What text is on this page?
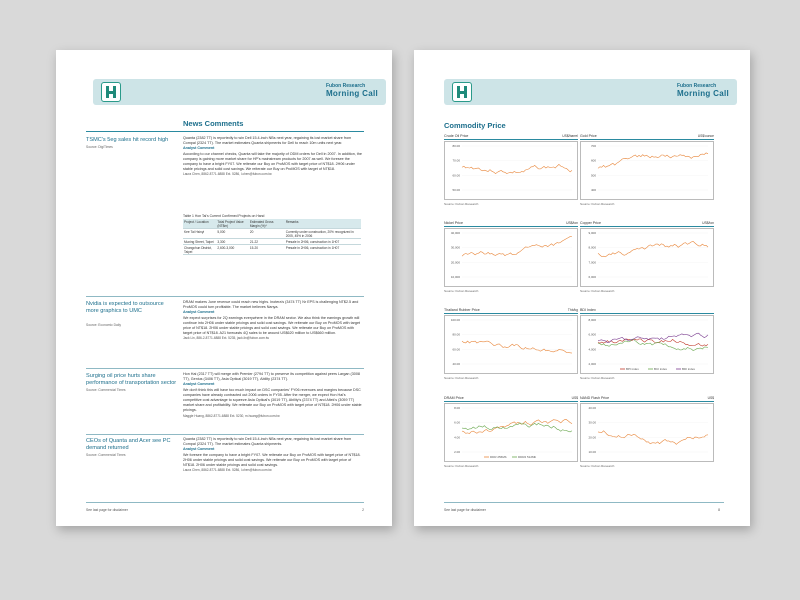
Fubon Research
Morning Call
News Comments
TSMC's 5eg sales hit record high
Source: DigiTimes
Quanta (2382 TT) is reportedly to win Dell 15.4-inch NBs next year, regaining its lost market share from Compal (2324 TT). The market estimates Quanta shipments for Dell to reach 10m units next year.
Analyst Comment
According to our channel checks, Quanta will take the majority of ODM orders for Dell in 2007. In addition, the company is gaining more market share for HP's mainstream products for 2007 as well. We foresee the company to have a bright FY07. We reiterate our Buy on ProMOS with target price of NT$18. 2H06 under stable pricings and solid cost savings. We reiterate our Buy on ProMOS with target of NT$18.
Laura Chen, 8862-8771-6888 Ext. 5286, l.chen@fubon.com.tw
Table 1 Hon Tai's Current Confirmed Projects on Hand
Project / Location	Total Project Value (NT$m)	Estimated Gross Margin (%)*	Remarks
Kee Tai Hsinyi	5,000	20	Currently under construction, 20% recognized in 2005, 45% in 2006
Muxing Street, Taipei	3,300	21-22	Presale in 2H06, construction in 1H07
Changchun District, Taipei	2,600-3,000	15-20	Presale in 2H06, construction in 1H07
Nvidia is expected to outsource more graphics to UMC
Source: Economic Daily
DRAM makers June revenue could reach new highs. Inotera's (3474 TT) Nr EPS is challenging NT$2.5 and ProMOS could turn profitable. The market believes Nanya.
Analyst Comment
We expect surprises for 2Q earnings everywhere in the DRAM sector. We also think the earnings growth will continue into 2H06 under stable pricings and solid cost savings. We reiterate our Buy on ProMOS with target price of NT$18. 2H06 under stable pricings and solid cost savings. We reiterate our Buy on ProMOS with target price of NT$18. A21 forecasts 4Q sales to be around US$620 million to US$660 million.
Jack Lin, 886-2-8771-6888 Ext. 5235, jack.lin@fubon.com.tw
Surging oil price hurts share performance of transportation sector
Source: Commercial Times
Hon Hai (2317 TT) will merge with Premier (2794 TT) to preserve its competition against peers Largan (3008 TT), Genius (3406 TT), Asia Optical (3019 TT), Ability (2374 TT).
Analyst Comment
We don't think this will have too much impact on DSC companies' FY06 revenues and margins because DSC companies have already contracted out 2006 orders in FY05. After the merger, we expect Hon Hai's competitive cost advantage to squeeze Asia Optical's (3019 TT), Ability's (2374 TT) and Altek's (3059 TT) market share and profitability. We reiterate our Buy on ProMOS with target price of NT$18. 2H06 under stable pricings.
Maggie Huang, 8862-8771-6888 Ext. 5230, m.huang@fubon.com.tw
CEOs of Quanta and Acer see PC demand returned
Source: Commercial Times
Quanta (2382 TT) is reportedly to win Dell 15.4-inch NBs next year, regaining its lost market share from Compal (2324 TT). The market estimates Quanta shipments.
Analyst Comment
We foresee the company to have a bright FY07. We reiterate our Buy on ProMOS with target price of NT$18. 2H06 under stable pricings and solid cost savings. We reiterate our Buy on ProMOS with target price of NT$18. 2H06 under stable pricings and solid cost savings.
Laura Chen, 8862-8771-6888 Ext. 5286, l.chen@fubon.com.tw
See last page for disclaimer	2
Fubon Research
Morning Call
Commodity Price
Crude Oil Price	US$/barrel
Source: Fubon Research
80.00
70.00
60.00
50.00
Gold Price	US$/ounce
Source: Fubon Research
700
600
500
400
Nickel Price	US$/ton
Source: Fubon Research
40,000
30,000
20,000
10,000
Copper Price	US$/ton
Source: Fubon Research
9,000
8,000
7,000
6,000
Thailand Rubber Price	Thb/kg
Source: Fubon Research
100.00
80.00
60.00
40.00
BDI Index
Source: Fubon Research
8,000
6,000
4,000
2,000
BPI index	BCI index	BDI index
DRAM Price	US$
Source: Fubon Research
8.00
6.00
4.00
2.00
DDR 256Mb	DDR2 512Mb
NAND Flash Price	US$
Source: Fubon Research
40.00
30.00
20.00
10.00
See last page for disclaimer	8
